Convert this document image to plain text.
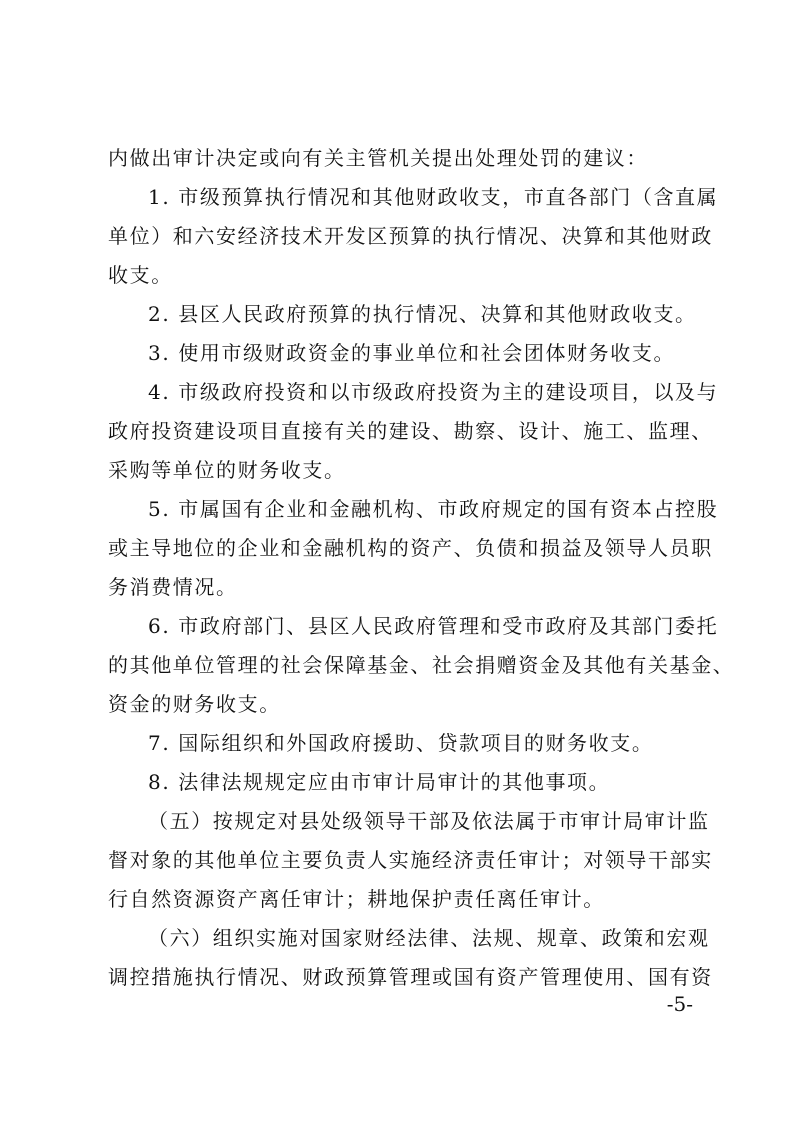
内做出审计决定或向有关主管机关提出处理处罚的建议：
1. 市级预算执行情况和其他财政收支，市直各部门（含直属
单位）和六安经济技术开发区预算的执行情况、决算和其他财政
收支。
2. 县区人民政府预算的执行情况、决算和其他财政收支。
3. 使用市级财政资金的事业单位和社会团体财务收支。
4. 市级政府投资和以市级政府投资为主的建设项目，以及与
政府投资建设项目直接有关的建设、勘察、设计、施工、监理、
采购等单位的财务收支。
5. 市属国有企业和金融机构、市政府规定的国有资本占控股
或主导地位的企业和金融机构的资产、负债和损益及领导人员职
务消费情况。
6. 市政府部门、县区人民政府管理和受市政府及其部门委托
的其他单位管理的社会保障基金、社会捐赠资金及其他有关基金、
资金的财务收支。
7. 国际组织和外国政府援助、贷款项目的财务收支。
8. 法律法规规定应由市审计局审计的其他事项。
（五）按规定对县处级领导干部及依法属于市审计局审计监
督对象的其他单位主要负责人实施经济责任审计；对领导干部实
行自然资源资产离任审计；耕地保护责任离任审计。
（六）组织实施对国家财经法律、法规、规章、政策和宏观
调控措施执行情况、财政预算管理或国有资产管理使用、国有资
-5-
